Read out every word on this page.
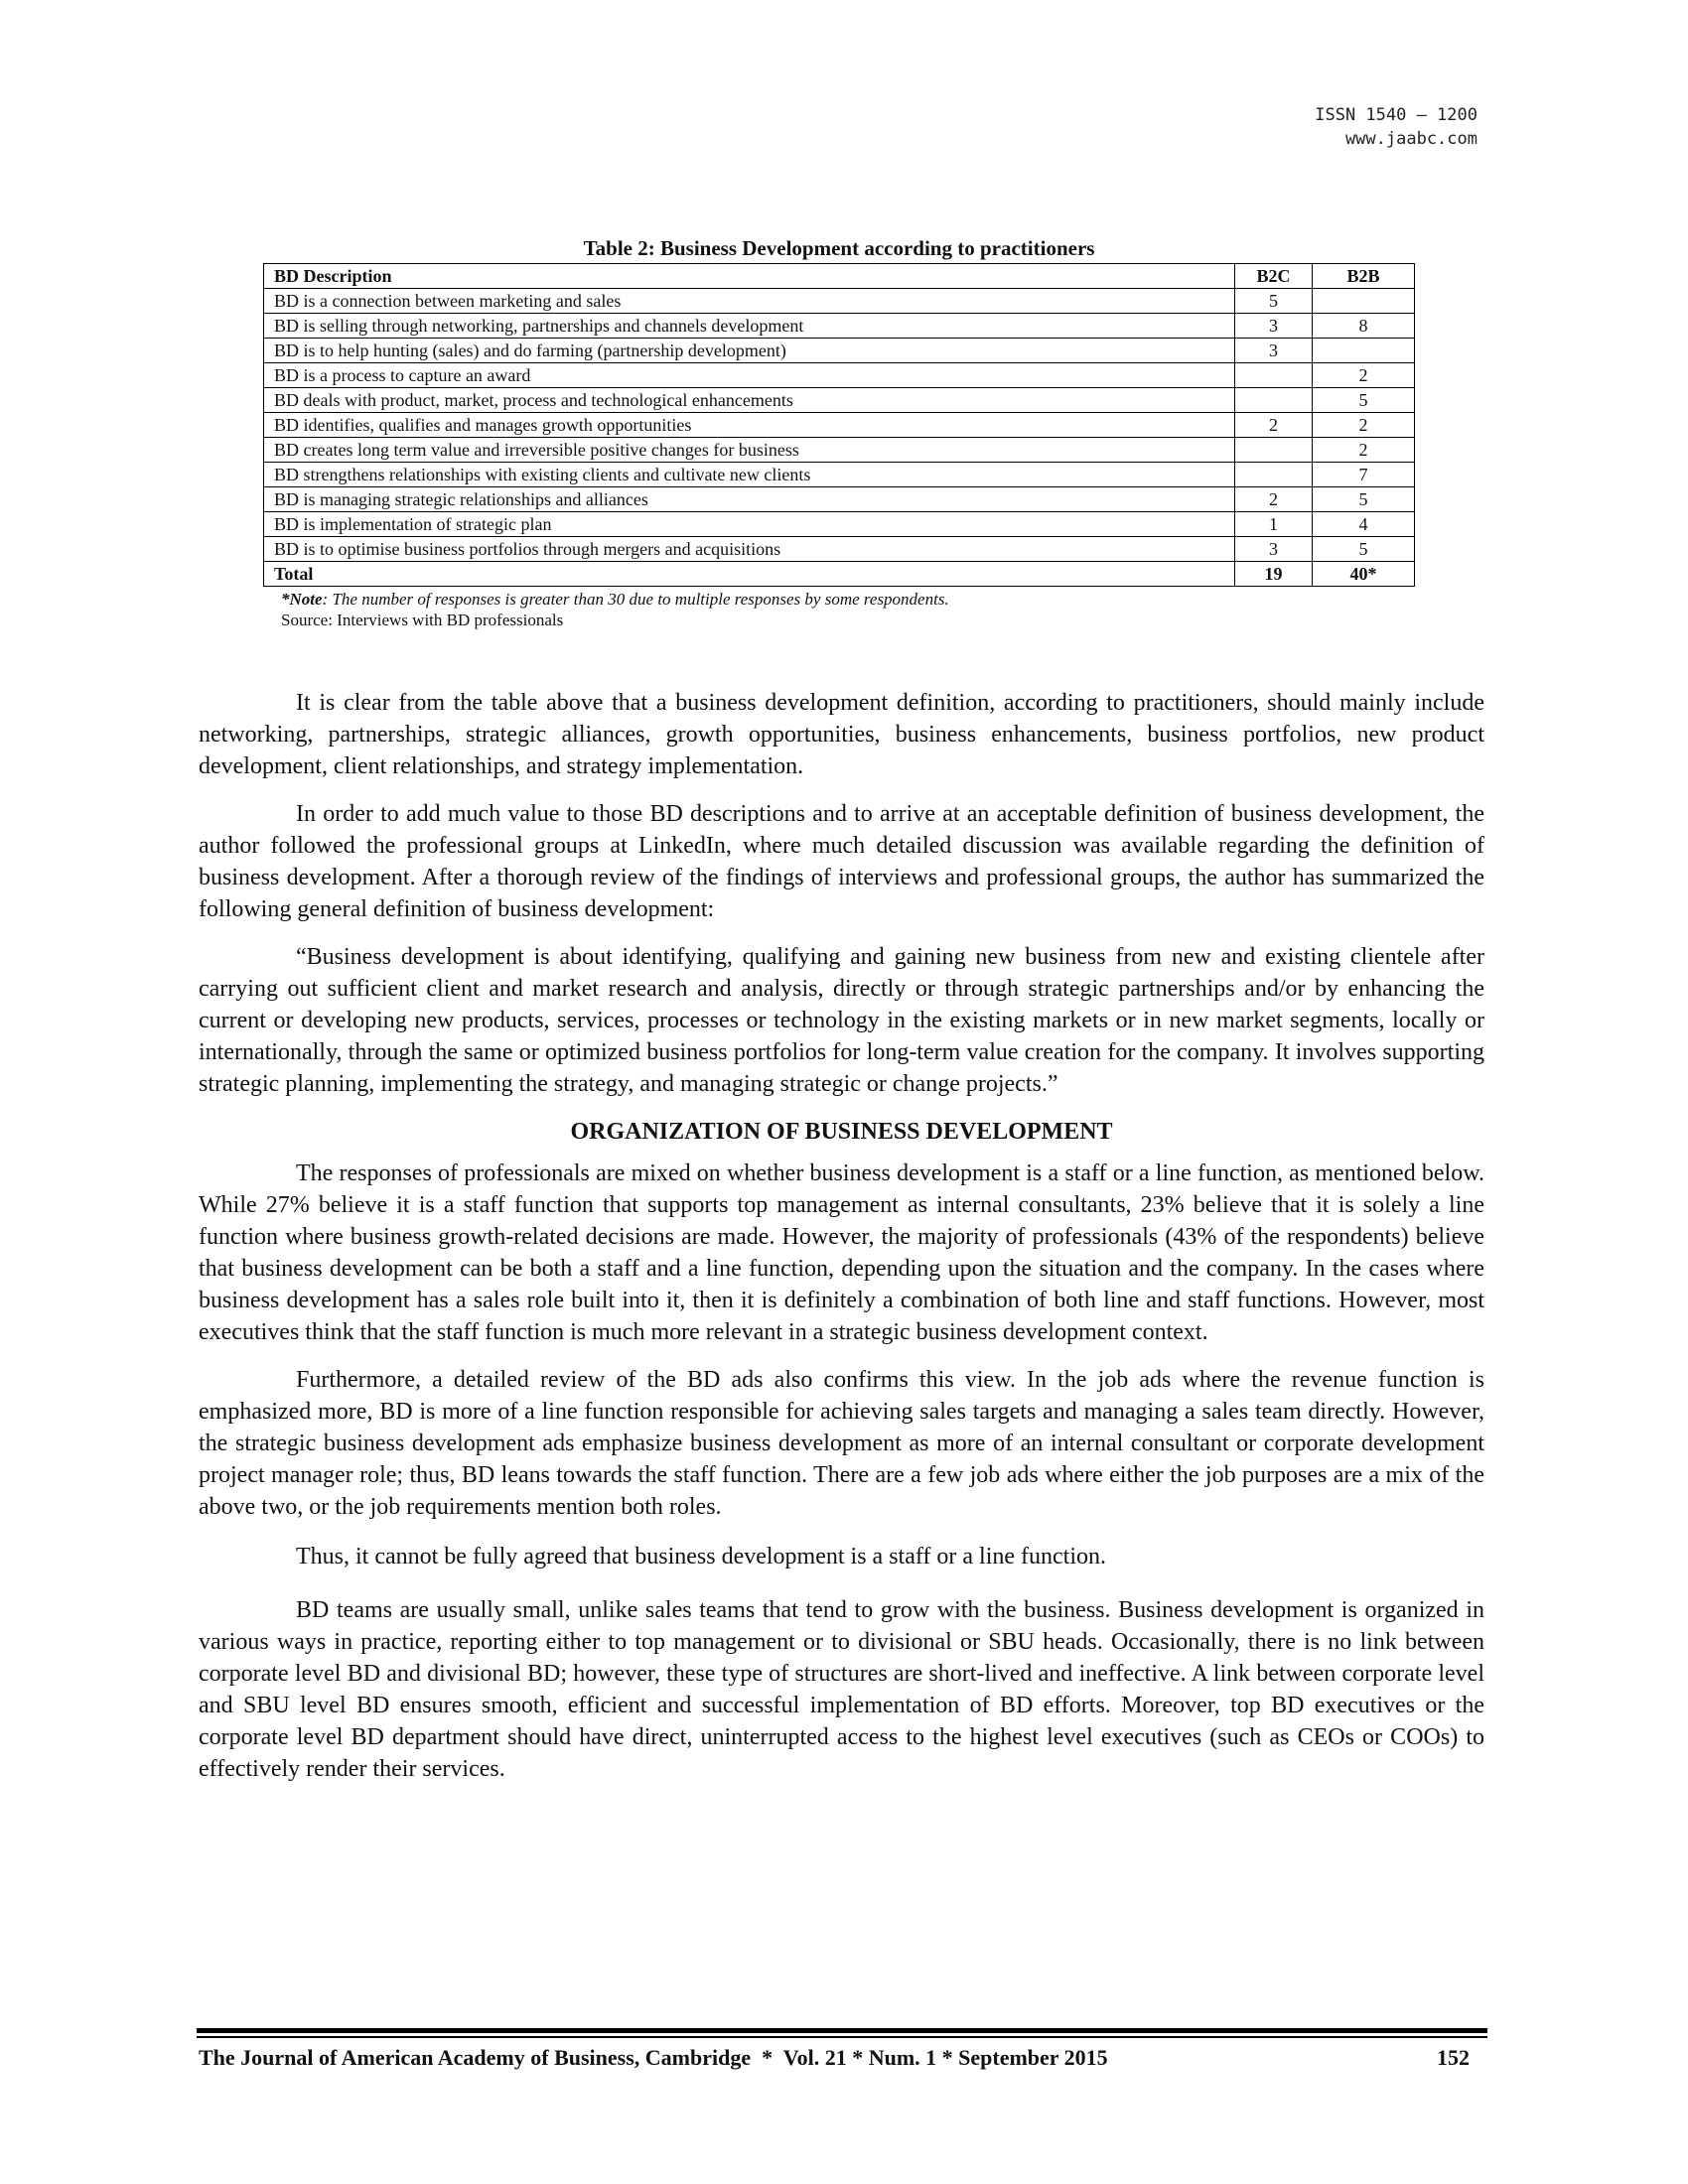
ISSN 1540 – 1200
www.jaabc.com
Table 2: Business Development according to practitioners
BD Description	B2C	B2B
BD is a connection between marketing and sales	5	
BD is selling through networking, partnerships and channels development	3	8
BD is to help hunting (sales) and do farming (partnership development)	3	
BD is a process to capture an award		2
BD deals with product, market, process and technological enhancements		5
BD identifies, qualifies and manages growth opportunities	2	2
BD creates long term value and irreversible positive changes for business		2
BD strengthens relationships with existing clients and cultivate new clients		7
BD is managing strategic relationships and alliances	2	5
BD is implementation of strategic plan	1	4
BD is to optimise business portfolios through mergers and acquisitions	3	5
Total	19	40*
*Note: The number of responses is greater than 30 due to multiple responses by some respondents.
Source: Interviews with BD professionals

It is clear from the table above that a business development definition, according to practitioners, should mainly include networking, partnerships, strategic alliances, growth opportunities, business enhancements, business portfolios, new product development, client relationships, and strategy implementation.

In order to add much value to those BD descriptions and to arrive at an acceptable definition of business development, the author followed the professional groups at LinkedIn, where much detailed discussion was available regarding the definition of business development. After a thorough review of the findings of interviews and professional groups, the author has summarized the following general definition of business development:

“Business development is about identifying, qualifying and gaining new business from new and existing clientele after carrying out sufficient client and market research and analysis, directly or through strategic partnerships and/or by enhancing the current or developing new products, services, processes or technology in the existing markets or in new market segments, locally or internationally, through the same or optimized business portfolios for long-term value creation for the company. It involves supporting strategic planning, implementing the strategy, and managing strategic or change projects.”

ORGANIZATION OF BUSINESS DEVELOPMENT

The responses of professionals are mixed on whether business development is a staff or a line function, as mentioned below. While 27% believe it is a staff function that supports top management as internal consultants, 23% believe that it is solely a line function where business growth-related decisions are made. However, the majority of professionals (43% of the respondents) believe that business development can be both a staff and a line function, depending upon the situation and the company. In the cases where business development has a sales role built into it, then it is definitely a combination of both line and staff functions. However, most executives think that the staff function is much more relevant in a strategic business development context.

Furthermore, a detailed review of the BD ads also confirms this view. In the job ads where the revenue function is emphasized more, BD is more of a line function responsible for achieving sales targets and managing a sales team directly. However, the strategic business development ads emphasize business development as more of an internal consultant or corporate development project manager role; thus, BD leans towards the staff function. There are a few job ads where either the job purposes are a mix of the above two, or the job requirements mention both roles.

Thus, it cannot be fully agreed that business development is a staff or a line function.

BD teams are usually small, unlike sales teams that tend to grow with the business. Business development is organized in various ways in practice, reporting either to top management or to divisional or SBU heads. Occasionally, there is no link between corporate level BD and divisional BD; however, these type of structures are short-lived and ineffective. A link between corporate level and SBU level BD ensures smooth, efficient and successful implementation of BD efforts. Moreover, top BD executives or the corporate level BD department should have direct, uninterrupted access to the highest level executives (such as CEOs or COOs) to effectively render their services.

The Journal of American Academy of Business, Cambridge  *  Vol. 21 * Num. 1 * September 2015	152
